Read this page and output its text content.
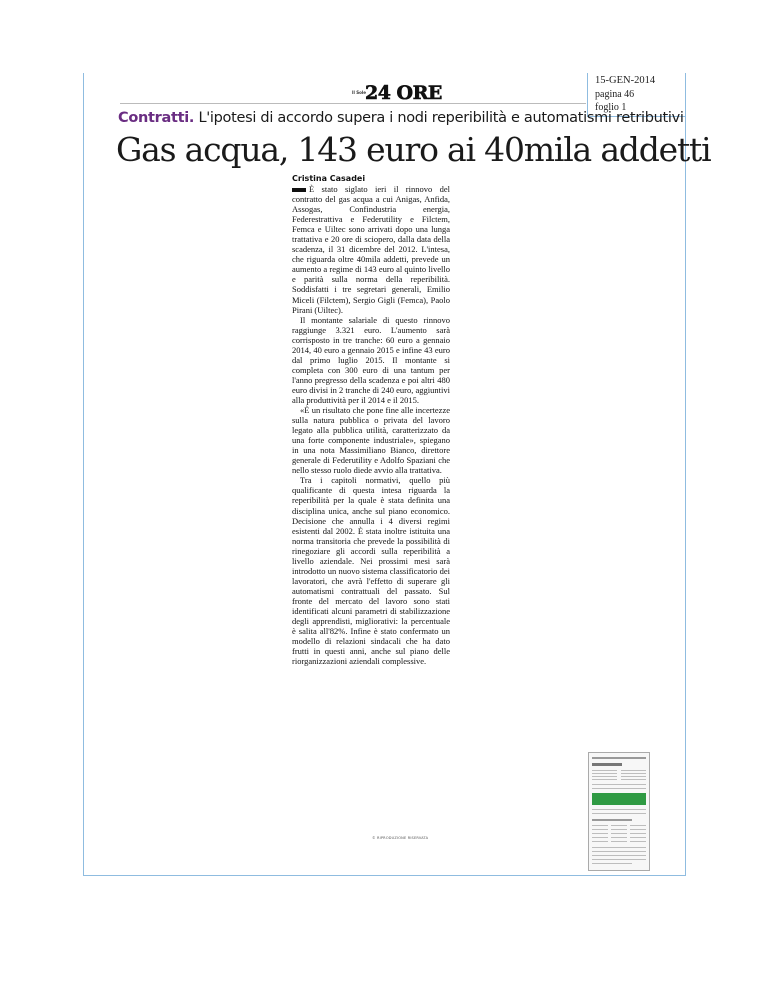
Il Sole 24 ORE
15-GEN-2014
pagina 46
foglio 1
Contratti. L'ipotesi di accordo supera i nodi reperibilità e automatismi retributivi
Gas acqua, 143 euro ai 40mila addetti
Cristina Casadei

È stato siglato ieri il rinnovo del contratto del gas acqua a cui Anigas, Anfida, Assogas, Confindustria energia, Federestrattiva e Federutility e Filctem, Femca e Uiltec sono arrivati dopo una lunga trattativa e 20 ore di sciopero, dalla data della scadenza, il 31 dicembre del 2012. L'intesa, che riguarda oltre 40mila addetti, prevede un aumento a regime di 143 euro al quinto livello e parità sulla norma della reperibilità. Soddisfatti i tre segretari generali, Emilio Miceli (Filctem), Sergio Gigli (Femca), Paolo Pirani (Uiltec).

Il montante salariale di questo rinnovo raggiunge 3.321 euro. L'aumento sarà corrisposto in tre tranche: 60 euro a gennaio 2014, 40 euro a gennaio 2015 e infine 43 euro dal primo luglio 2015. Il montante si completa con 300 euro di una tantum per l'anno pregresso della scadenza e poi altri 480 euro divisi in 2 tranche di 240 euro, aggiuntivi alla produttività per il 2014 e il 2015.

«È un risultato che pone fine alle incertezze sulla natura pubblica o privata del lavoro legato alla pubblica utilità, caratterizzato da una forte componente industriale», spiegano in una nota Massimiliano Bianco, direttore generale di Federutility e Adolfo Spaziani che nello stesso ruolo diede avvio alla trattativa.

Tra i capitoli normativi, quello più qualificante di questa intesa riguarda la reperibilità per la quale è stata definita una disciplina unica, anche sul piano economico. Decisione che annulla i 4 diversi regimi esistenti dal 2002. È stata inoltre istituita una norma transitoria che prevede la possibilità di rinegoziare gli accordi sulla reperibilità a livello aziendale. Nei prossimi mesi sarà introdotto un nuovo sistema classificatorio dei lavoratori, che avrà l'effetto di superare gli automatismi contrattuali del passato. Sul fronte del mercato del lavoro sono stati identificati alcuni parametri di stabilizzazione degli apprendisti, migliorativi: la percentuale è salita all'82%. Infine è stato confermato un modello di relazioni sindacali che ha dato frutti in questi anni, anche sul piano delle riorganizzazioni aziendali complessive.

© RIPRODUZIONE RISERVATA
